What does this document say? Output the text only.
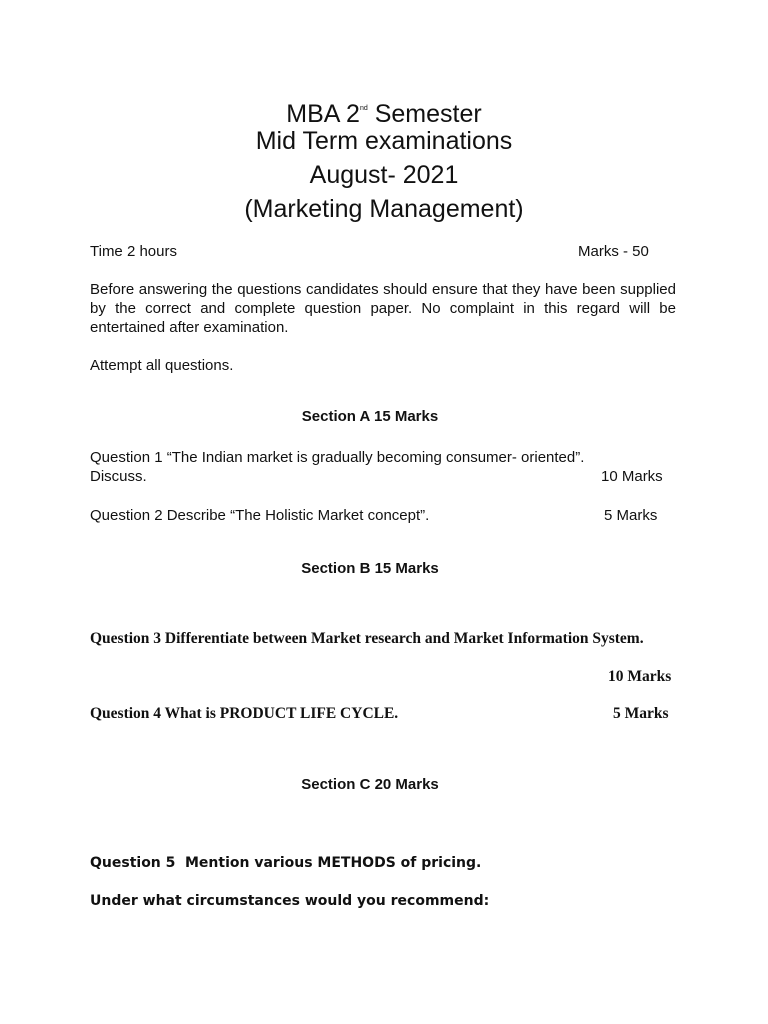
MBA 2nd Semester
Mid Term examinations
August- 2021
(Marketing Management)
Time 2 hours	Marks - 50
Before answering the questions candidates should ensure that they have been supplied by the correct and complete question paper. No complaint in this regard will be entertained after examination.
Attempt all questions.
Section A 15 Marks
Question 1 “The Indian market is gradually becoming consumer- oriented”.
Discuss.	10 Marks
Question 2 Describe “The Holistic Market concept”.	5 Marks
Section B 15 Marks
Question 3 Differentiate between Market research and Market Information System.
10 Marks
Question 4 What is PRODUCT LIFE CYCLE.	5 Marks
Section C 20 Marks
Question 5 Mention various METHODS of pricing.
Under what circumstances would you recommend:
